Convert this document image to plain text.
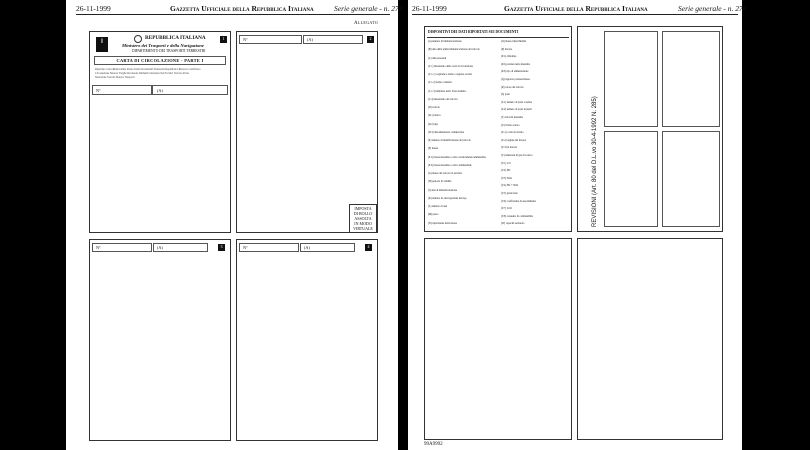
26-11-1999	Gazzetta Ufficiale della Repubblica Italiana	Serie generale - n. 278
Allegato
I
REPUBBLICA ITALIANA
Ministero dei Trasporti e della Navigazione
DIPARTIMENTO DEI TRASPORTI TERRESTRI
1
CARTA DI CIRCOLAZIONE - PARTE I
Ripartito Carta-Rinnovabile Paese Italia Documenti Nazionali Repubblica Rilascio Certificato
Circolazione Motore Targhe Revisione Immatricolazione Dati Tecnici Veicolo Parte
Nazionale Veicoli Motore Trasporti
N°	(A)
N°	(A)	2
IMPOSTA
DI BOLLO
ASSOLTA
IN MODO
VIRTUALE
N°	(A)	3	N°	(A)	4
26-11-1999	Gazzetta Ufficiale della Repubblica Italiana	Serie generale - n. 278
DISPOSITIVI DEI DATI RIPORTATI SUI DOCUMENTI
(A) numero di immatricolazione
(B) data della prima immatricolazione del veicolo
(C) dati personali
(C.1) intestatario della carta di circolazione
(C.1.1) cognome e nome o ragione sociale
(C.1.2) nome o iniziali
(C.1.3) indirizzo nello Stato membro
(C.4) intestatario del veicolo
(D) veicolo
(D.1) marca
(D.2) tipo
(D.3) denominazione commerciale
(E) numero di identificazione del veicolo
(F) masse
(F.1) massa massima a carico tecnicamente ammissibile
(F.2) massa massima a carico ammissibile
(G) massa del veicolo in servizio
(H) periodo di validità
(I) data di immatricolazione
(K) numero di omologazione del tipo
(L) numero di assi
(M) passo
(N) ripartizione della massa
(O) massa rimorchiabile
(P) motore
(P.1) cilindrata
(P.2) potenza netta massima
(P.3) tipo di alimentazione
(Q) rapporto potenza/massa
(R) colore del veicolo
(S) posti
(S.1) numero di posti a sedere
(S.2) numero di posti in piedi
(T) velocità massima
(U) livello sonoro
(U.1) a veicolo fermo
(U.2) regime del motore
(U.3) in marcia
(V) emissioni di gas di scarico
(V.1) CO
(V.2) HC
(V.3) NOx
(V.4) HC + NOx
(V.5) particolato
(V.6) coefficiente di assorbimento
(V.7) CO2
(V.8) consumo di combustibile
(W) capacità serbatoio	REVISIONI (Art. 80 del D.L.vo 30-4-1992 N. 285)
99A9992
